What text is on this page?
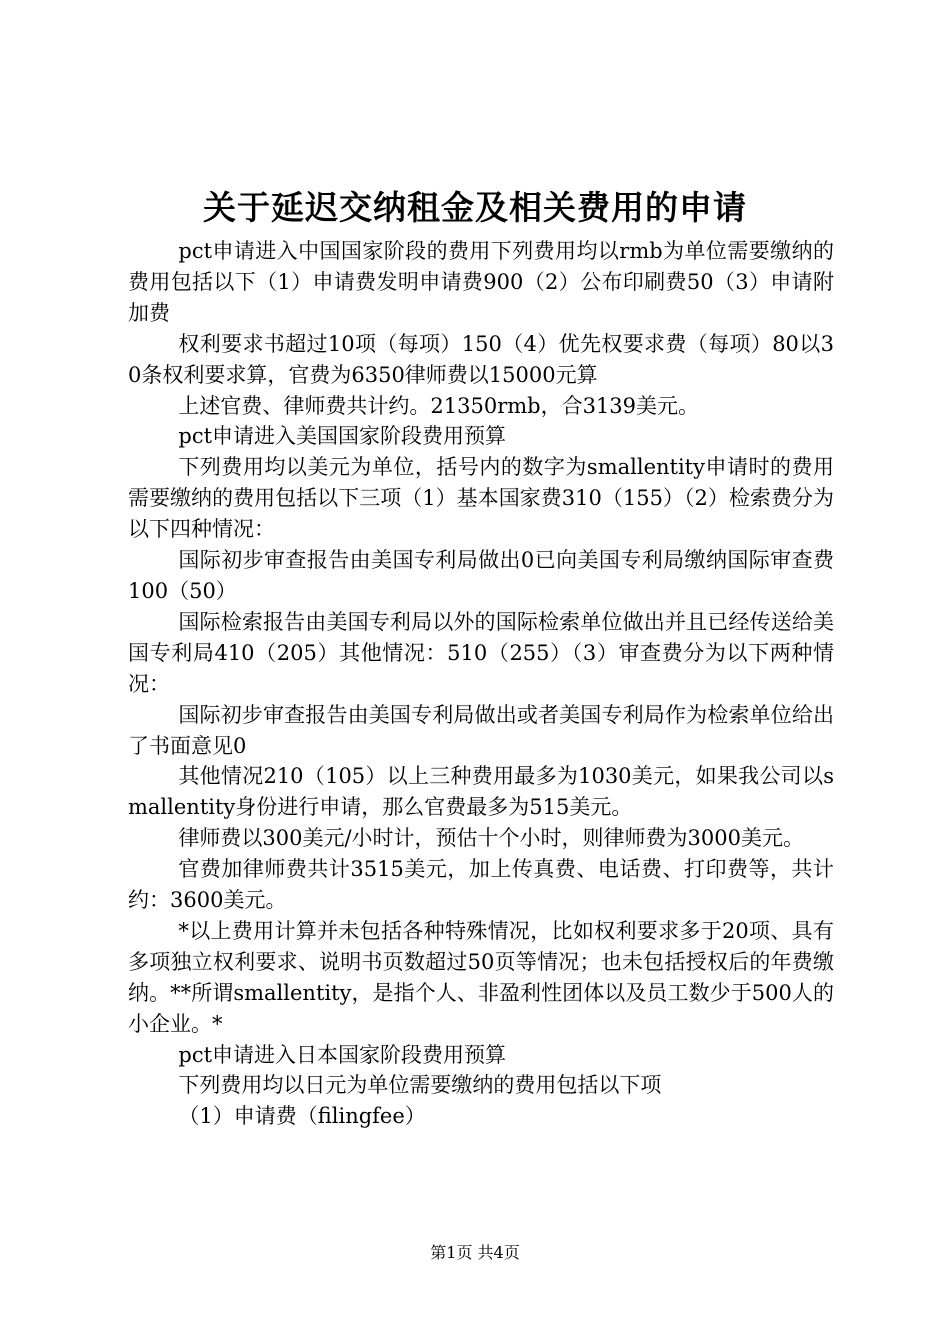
关于延迟交纳租金及相关费用的申请

pct申请进入中国国家阶段的费用下列费用均以rmb为单位需要缴纳的费用包括以下（1）申请费发明申请费900（2）公布印刷费50（3）申请附加费

权利要求书超过10项（每项）150（4）优先权要求费（每项）80以30条权利要求算，官费为6350律师费以15000元算

上述官费、律师费共计约。21350rmb，合3139美元。

pct申请进入美国国家阶段费用预算

下列费用均以美元为单位，括号内的数字为smallentity申请时的费用需要缴纳的费用包括以下三项（1）基本国家费310（155）（2）检索费分为以下四种情况：

国际初步审查报告由美国专利局做出0已向美国专利局缴纳国际审查费100（50）

国际检索报告由美国专利局以外的国际检索单位做出并且已经传送给美国专利局410（205）其他情况：510（255）（3）审查费分为以下两种情况：

国际初步审查报告由美国专利局做出或者美国专利局作为检索单位给出了书面意见0

其他情况210（105）以上三种费用最多为1030美元，如果我公司以smallentity身份进行申请，那么官费最多为515美元。

律师费以300美元/小时计，预估十个小时，则律师费为3000美元。

官费加律师费共计3515美元，加上传真费、电话费、打印费等，共计约：3600美元。

*以上费用计算并未包括各种特殊情况，比如权利要求多于20项、具有多项独立权利要求、说明书页数超过50页等情况；也未包括授权后的年费缴纳。**所谓smallentity，是指个人、非盈利性团体以及员工数少于500人的小企业。*

pct申请进入日本国家阶段费用预算

下列费用均以日元为单位需要缴纳的费用包括以下项

（1）申请费（filingfee）

第1页 共4页
